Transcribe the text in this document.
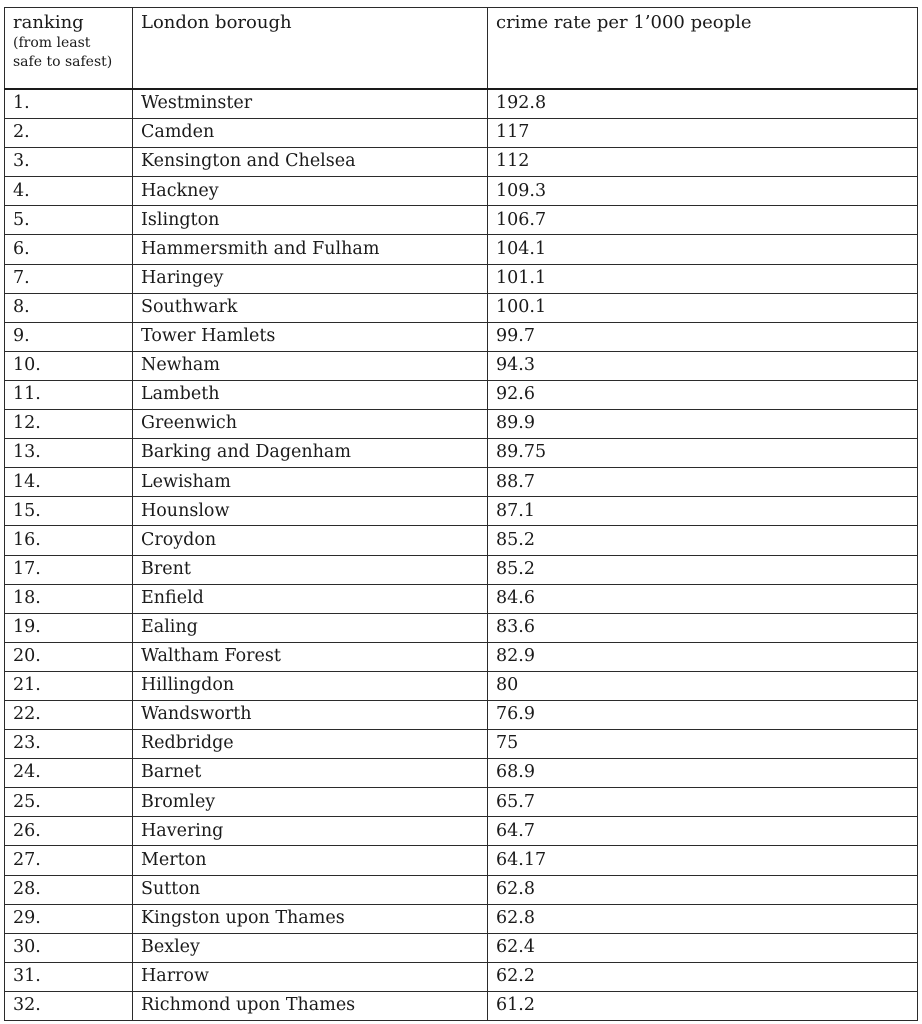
ranking
(from least safe to safest)	London borough	crime rate per 1’000 people
1.	Westminster	192.8
2.	Camden	117
3.	Kensington and Chelsea	112
4.	Hackney	109.3
5.	Islington	106.7
6.	Hammersmith and Fulham	104.1
7.	Haringey	101.1
8.	Southwark	100.1
9.	Tower Hamlets	99.7
10.	Newham	94.3
11.	Lambeth	92.6
12.	Greenwich	89.9
13.	Barking and Dagenham	89.75
14.	Lewisham	88.7
15.	Hounslow	87.1
16.	Croydon	85.2
17.	Brent	85.2
18.	Enfield	84.6
19.	Ealing	83.6
20.	Waltham Forest	82.9
21.	Hillingdon	80
22.	Wandsworth	76.9
23.	Redbridge	75
24.	Barnet	68.9
25.	Bromley	65.7
26.	Havering	64.7
27.	Merton	64.17
28.	Sutton	62.8
29.	Kingston upon Thames	62.8
30.	Bexley	62.4
31.	Harrow	62.2
32.	Richmond upon Thames	61.2
